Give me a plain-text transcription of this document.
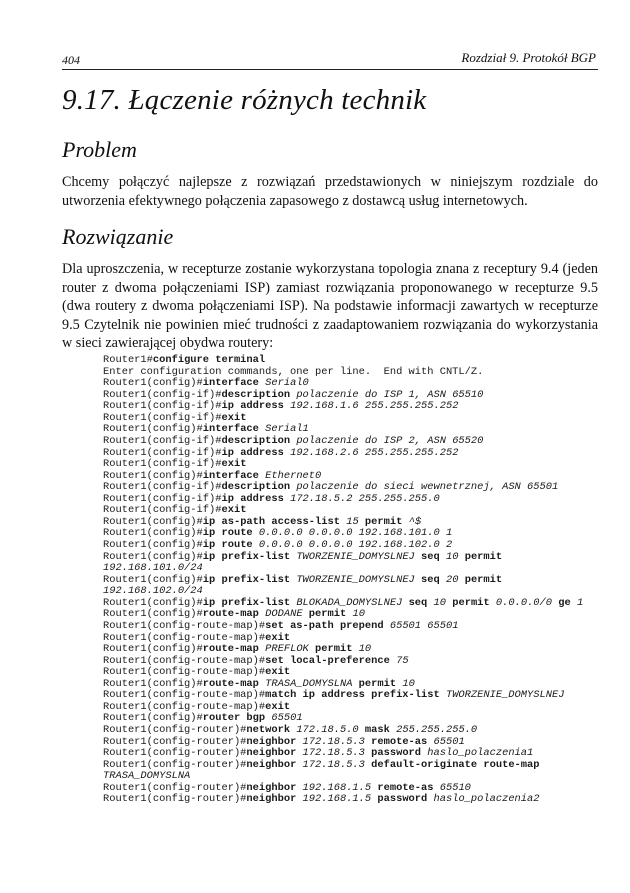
404	Rozdział 9. Protokół BGP
9.17. Łączenie różnych technik
Problem

Chcemy połączyć najlepsze z rozwiązań przedstawionych w niniejszym rozdziale do utworzenia efektywnego połączenia zapasowego z dostawcą usług internetowych.

Rozwiązanie

Dla uproszczenia, w recepturze zostanie wykorzystana topologia znana z receptury 9.4 (jeden router z dwoma połączeniami ISP) zamiast rozwiązania proponowanego w recepturze 9.5 (dwa routery z dwoma połączeniami ISP). Na podstawie informacji zawartych w recepturze 9.5 Czytelnik nie powinien mieć trudności z zaadaptowaniem rozwiązania do wykorzystania w sieci zawierającej obydwa routery:

Router1#configure terminal
Enter configuration commands, one per line.  End with CNTL/Z.
Router1(config)#interface Serial0
Router1(config-if)#description polaczenie do ISP 1, ASN 65510
Router1(config-if)#ip address 192.168.1.6 255.255.255.252
Router1(config-if)#exit
Router1(config)#interface Serial1
Router1(config-if)#description polaczenie do ISP 2, ASN 65520
Router1(config-if)#ip address 192.168.2.6 255.255.255.252
Router1(config-if)#exit
Router1(config)#interface Ethernet0
Router1(config-if)#description polaczenie do sieci wewnetrznej, ASN 65501
Router1(config-if)#ip address 172.18.5.2 255.255.255.0
Router1(config-if)#exit
Router1(config)#ip as-path access-list 15 permit ^$
Router1(config)#ip route 0.0.0.0 0.0.0.0 192.168.101.0 1
Router1(config)#ip route 0.0.0.0 0.0.0.0 192.168.102.0 2
Router1(config)#ip prefix-list TWORZENIE_DOMYSLNEJ seq 10 permit
192.168.101.0/24
Router1(config)#ip prefix-list TWORZENIE_DOMYSLNEJ seq 20 permit
192.168.102.0/24
Router1(config)#ip prefix-list BLOKADA_DOMYSLNEJ seq 10 permit 0.0.0.0/0 ge 1
Router1(config)#route-map DODANE permit 10
Router1(config-route-map)#set as-path prepend 65501 65501
Router1(config-route-map)#exit
Router1(config)#route-map PREFLOK permit 10
Router1(config-route-map)#set local-preference 75
Router1(config-route-map)#exit
Router1(config)#route-map TRASA_DOMYSLNA permit 10
Router1(config-route-map)#match ip address prefix-list TWORZENIE_DOMYSLNEJ
Router1(config-route-map)#exit
Router1(config)#router bgp 65501
Router1(config-router)#network 172.18.5.0 mask 255.255.255.0
Router1(config-router)#neighbor 172.18.5.3 remote-as 65501
Router1(config-router)#neighbor 172.18.5.3 password haslo_polaczenia1
Router1(config-router)#neighbor 172.18.5.3 default-originate route-map
TRASA_DOMYSLNA
Router1(config-router)#neighbor 192.168.1.5 remote-as 65510
Router1(config-router)#neighbor 192.168.1.5 password haslo_polaczenia2
